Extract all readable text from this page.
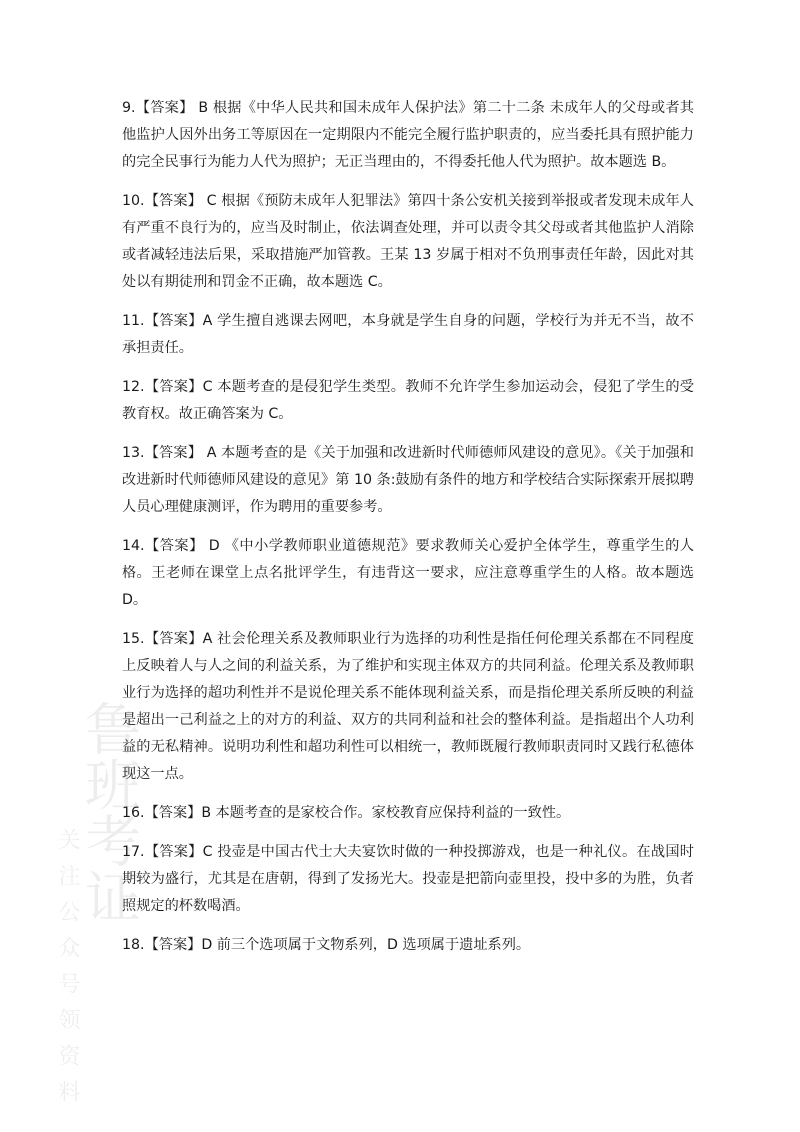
鲁班考证
关注公众号领资料

9.【答案】 B 根据《中华人民共和国未成年人保护法》第二十二条 未成年人的父母或者其他监护人因外出务工等原因在一定期限内不能完全履行监护职责的，应当委托具有照护能力的完全民事行为能力人代为照护；无正当理由的，不得委托他人代为照护。故本题选 B。

10.【答案】 C 根据《预防未成年人犯罪法》第四十条公安机关接到举报或者发现未成年人有严重不良行为的，应当及时制止，依法调查处理，并可以责令其父母或者其他监护人消除或者减轻违法后果，采取措施严加管教。王某 13 岁属于相对不负刑事责任年龄，因此对其处以有期徒刑和罚金不正确，故本题选 C。

11.【答案】A 学生擅自逃课去网吧，本身就是学生自身的问题，学校行为并无不当，故不承担责任。

12.【答案】C 本题考查的是侵犯学生类型。教师不允许学生参加运动会，侵犯了学生的受教育权。故正确答案为 C。

13.【答案】 A 本题考查的是《关于加强和改进新时代师德师风建设的意见》。《关于加强和改进新时代师德师风建设的意见》第 10 条:鼓励有条件的地方和学校结合实际探索开展拟聘人员心理健康测评，作为聘用的重要参考。

14.【答案】 D 《中小学教师职业道德规范》要求教师关心爱护全体学生，尊重学生的人格。王老师在课堂上点名批评学生，有违背这一要求，应注意尊重学生的人格。故本题选 D。

15.【答案】A 社会伦理关系及教师职业行为选择的功利性是指任何伦理关系都在不同程度上反映着人与人之间的利益关系，为了维护和实现主体双方的共同利益。伦理关系及教师职业行为选择的超功利性并不是说伦理关系不能体现利益关系，而是指伦理关系所反映的利益是超出一己利益之上的对方的利益、双方的共同利益和社会的整体利益。是指超出个人功利益的无私精神。说明功利性和超功利性可以相统一，教师既履行教师职责同时又践行私德体现这一点。

16.【答案】B 本题考查的是家校合作。家校教育应保持利益的一致性。

17.【答案】C 投壶是中国古代士大夫宴饮时做的一种投掷游戏，也是一种礼仪。在战国时期较为盛行，尤其是在唐朝，得到了发扬光大。投壶是把箭向壶里投，投中多的为胜，负者照规定的杯数喝酒。

18.【答案】D 前三个选项属于文物系列，D 选项属于遗址系列。
